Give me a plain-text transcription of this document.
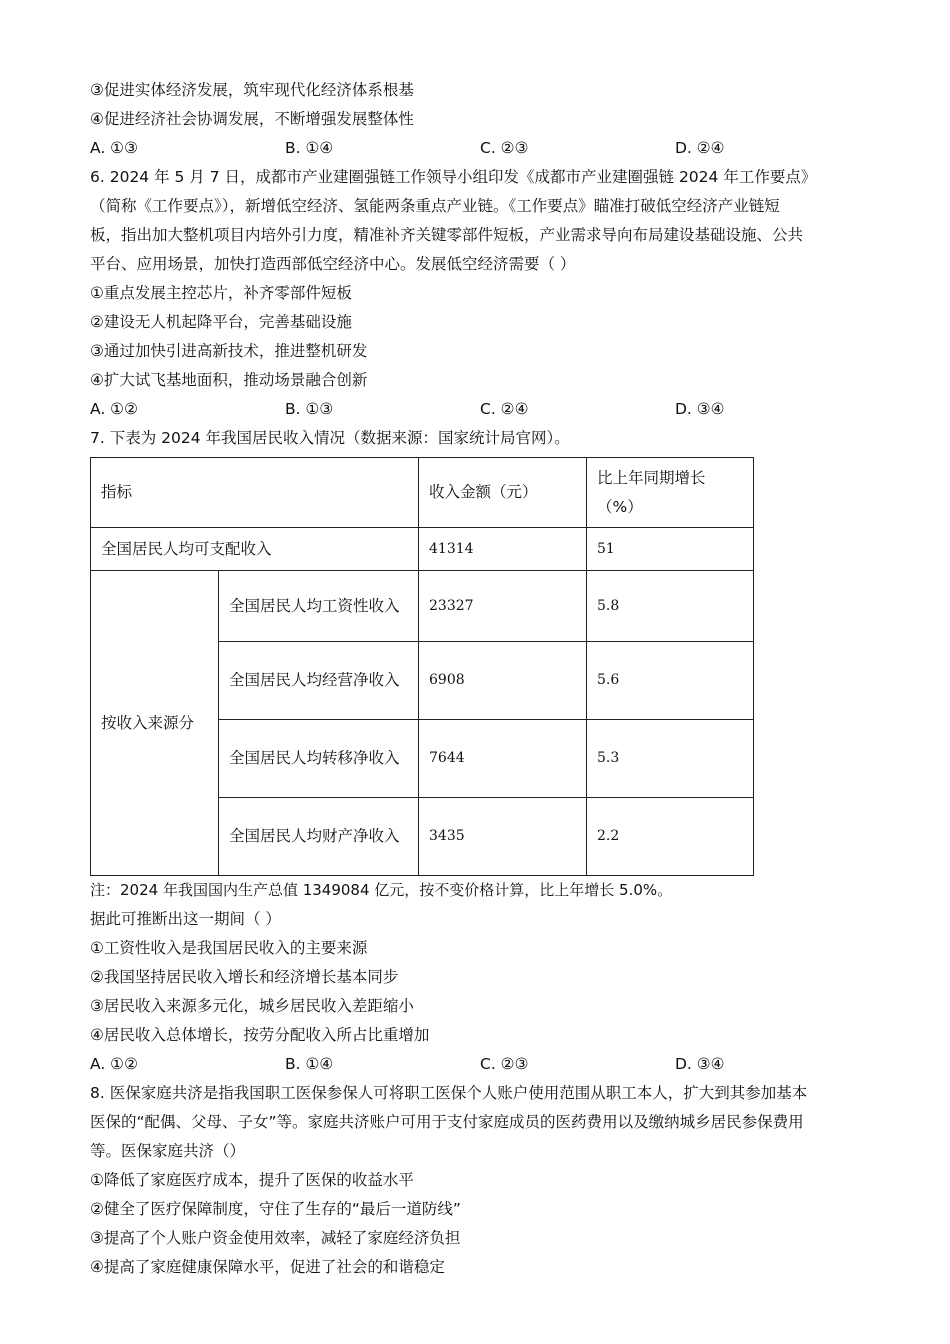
③促进实体经济发展，筑牢现代化经济体系根基
④促进经济社会协调发展，不断增强发展整体性
A. ①③	B. ①④	C. ②③	D. ②④
6. 2024 年 5 月 7 日，成都市产业建圈强链工作领导小组印发《成都市产业建圈强链 2024 年工作要点》
（简称《工作要点》），新增低空经济、氢能两条重点产业链。《工作要点》瞄准打破低空经济产业链短
板，指出加大整机项目内培外引力度，精准补齐关键零部件短板，产业需求导向布局建设基础设施、公共
平台、应用场景，加快打造西部低空经济中心。发展低空经济需要（ ）
①重点发展主控芯片，补齐零部件短板
②建设无人机起降平台，完善基础设施
③通过加快引进高新技术，推进整机研发
④扩大试飞基地面积，推动场景融合创新
A. ①②	B. ①③	C. ②④	D. ③④
7. 下表为 2024 年我国居民收入情况（数据来源：国家统计局官网）。
指标		收入金额（元）	比上年同期增长（%）
全国居民人均可支配收入		41314	51
按收入来源分	全国居民人均工资性收入	23327	5.8
	全国居民人均经营净收入	6908	5.6
	全国居民人均转移净收入	7644	5.3
	全国居民人均财产净收入	3435	2.2
注：2024 年我国国内生产总值 1349084 亿元，按不变价格计算，比上年增长 5.0%。
据此可推断出这一期间（ ）
①工资性收入是我国居民收入的主要来源
②我国坚持居民收入增长和经济增长基本同步
③居民收入来源多元化，城乡居民收入差距缩小
④居民收入总体增长，按劳分配收入所占比重增加
A. ①②	B. ①④	C. ②③	D. ③④
8. 医保家庭共济是指我国职工医保参保人可将职工医保个人账户使用范围从职工本人，扩大到其参加基本
医保的“配偶、父母、子女”等。家庭共济账户可用于支付家庭成员的医药费用以及缴纳城乡居民参保费用
等。医保家庭共济（）
①降低了家庭医疗成本，提升了医保的收益水平
②健全了医疗保障制度，守住了生存的“最后一道防线”
③提高了个人账户资金使用效率，减轻了家庭经济负担
④提高了家庭健康保障水平，促进了社会的和谐稳定
